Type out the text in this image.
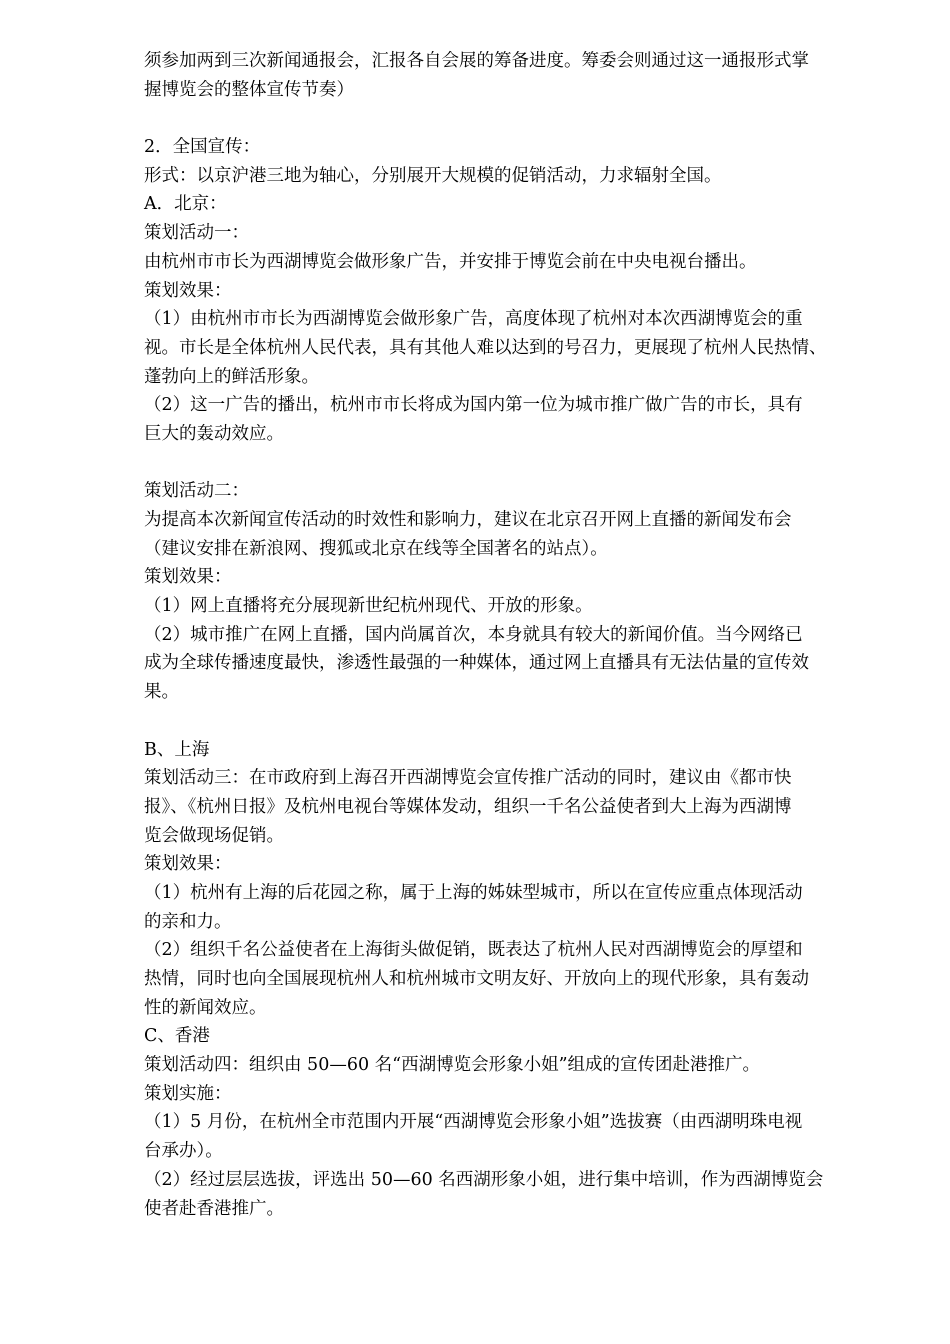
须参加两到三次新闻通报会，汇报各自会展的筹备进度。筹委会则通过这一通报形式掌
握博览会的整体宣传节奏）
2．全国宣传：
形式：以京沪港三地为轴心，分别展开大规模的促销活动，力求辐射全国。
A．北京：
策划活动一：
由杭州市市长为西湖博览会做形象广告，并安排于博览会前在中央电视台播出。
策划效果：
（1）由杭州市市长为西湖博览会做形象广告，高度体现了杭州对本次西湖博览会的重
视。市长是全体杭州人民代表，具有其他人难以达到的号召力，更展现了杭州人民热情、
蓬勃向上的鲜活形象。
（2）这一广告的播出，杭州市市长将成为国内第一位为城市推广做广告的市长，具有
巨大的轰动效应。
策划活动二：
为提高本次新闻宣传活动的时效性和影响力，建议在北京召开网上直播的新闻发布会
（建议安排在新浪网、搜狐或北京在线等全国著名的站点）。
策划效果：
（1）网上直播将充分展现新世纪杭州现代、开放的形象。
（2）城市推广在网上直播，国内尚属首次，本身就具有较大的新闻价值。当今网络已
成为全球传播速度最快，渗透性最强的一种媒体，通过网上直播具有无法估量的宣传效
果。
B、上海
策划活动三：在市政府到上海召开西湖博览会宣传推广活动的同时，建议由《都市快
报》、《杭州日报》及杭州电视台等媒体发动，组织一千名公益使者到大上海为西湖博
览会做现场促销。
策划效果：
（1）杭州有上海的后花园之称，属于上海的姊妹型城市，所以在宣传应重点体现活动
的亲和力。
（2）组织千名公益使者在上海街头做促销，既表达了杭州人民对西湖博览会的厚望和
热情，同时也向全国展现杭州人和杭州城市文明友好、开放向上的现代形象，具有轰动
性的新闻效应。
C、香港
策划活动四：组织由 50—60 名“西湖博览会形象小姐”组成的宣传团赴港推广。
策划实施：
（1）5 月份，在杭州全市范围内开展“西湖博览会形象小姐”选拔赛（由西湖明珠电视
台承办）。
（2）经过层层选拔，评选出 50—60 名西湖形象小姐，进行集中培训，作为西湖博览会
使者赴香港推广。
